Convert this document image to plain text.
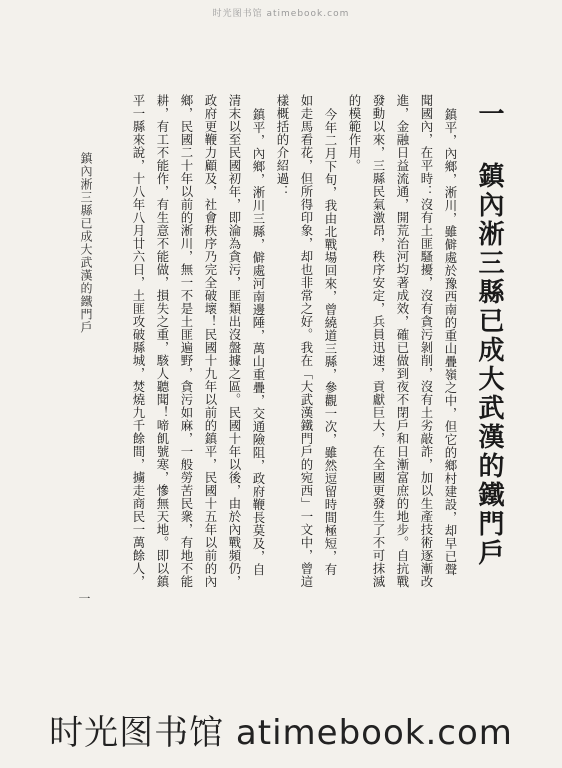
时光图书馆 atimebook.com
一 鎮內淅三縣已成大武漢的鐵門戶
鎮平，內鄉，淅川，雖僻處於豫西南的重山疊嶺之中，但它的鄉村建設，却早已聲
聞國內，在平時：沒有土匪騷擾，沒有貪污剝削，沒有土劣敲詐，加以生產技術逐漸改
進，金融日益流通，開荒治河均著成效，確已做到夜不閉戶和日漸富庶的地步。自抗戰
發動以來，三縣民氣激昂，秩序安定，兵員迅速，貢獻巨大，在全國更發生了不可抹滅
的模範作用。
今年二月下旬，我由北戰場回來，曾繞道三縣，參觀一次，雖然逗留時間極短，有
如走馬看花，但所得印象，却也非常之好。我在「大武漢鐵門戶的宛西」一文中，曾這
樣概括的介紹過：
鎮平，內鄉，淅川三縣，僻處河南邊陲，萬山重疊，交通險阻，政府鞭長莫及，自
清末以至民國初年，即淪為貪污，匪類出沒盤據之區。民國十年以後，由於內戰頻仍，
政府更鞭力顧及，社會秩序乃完全破壞！民國十九年以前的鎮平，民國十五年以前的內
鄉，民國二十年以前的淅川，無一不是土匪遍野，貪污如麻，一般勞苦民衆，有地不能
耕，有工不能作，有生意不能做，損失之重，駭人聽聞！啼飢號寒，慘無天地。即以鎮
平一縣來說，十八年八月廿六日，土匪攻破縣城，焚燒九千餘間，擄走商民一萬餘人，
鎮內淅三縣已成大武漢的鐵門戶
一
时光图书馆 atimebook.com
